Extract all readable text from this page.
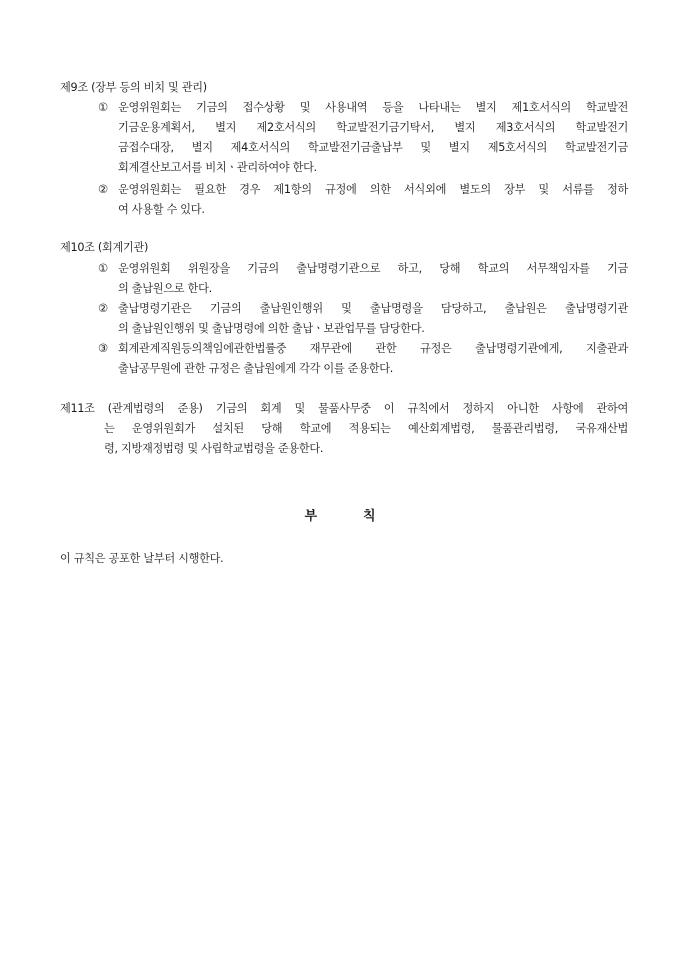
제9조 (장부 등의 비치 및 관리)
① 운영위원회는 기금의 접수상황 및 사용내역 등을 나타내는 별지 제1호서식의 학교발전
기금운용계획서, 별지 제2호서식의 학교발전기금기탁서, 별지 제3호서식의 학교발전기
금접수대장, 별지 제4호서식의 학교발전기금출납부 및 별지 제5호서식의 학교발전기금
회계결산보고서를 비치ㆍ관리하여야 한다.
② 운영위원회는 필요한 경우 제1항의 규정에 의한 서식외에 별도의 장부 및 서류를 정하
여 사용할 수 있다.
제10조 (회계기관)
① 운영위원회 위원장을 기금의 출납명령기관으로 하고, 당해 학교의 서무책임자를 기금
의 출납원으로 한다.
② 출납명령기관은 기금의 출납원인행위 및 출납명령을 담당하고, 출납원은 출납명령기관
의 출납원인행위 및 출납명령에 의한 출납ㆍ보관업무를 담당한다.
③ 회계관계직원등의책임에관한법률중 재무관에 관한 규정은 출납명령기관에게, 지출관과
출납공무원에 관한 규정은 출납원에게 각각 이를 준용한다.
제11조 (관계법령의 준용) 기금의 회계 및 물품사무중 이 규칙에서 정하지 아니한 사항에 관하여
는 운영위원회가 설치된 당해 학교에 적용되는 예산회계법령, 물품관리법령, 국유재산법
령, 지방재정법령 및 사립학교법령을 준용한다.
부	칙
이 규칙은 공포한 날부터 시행한다.
